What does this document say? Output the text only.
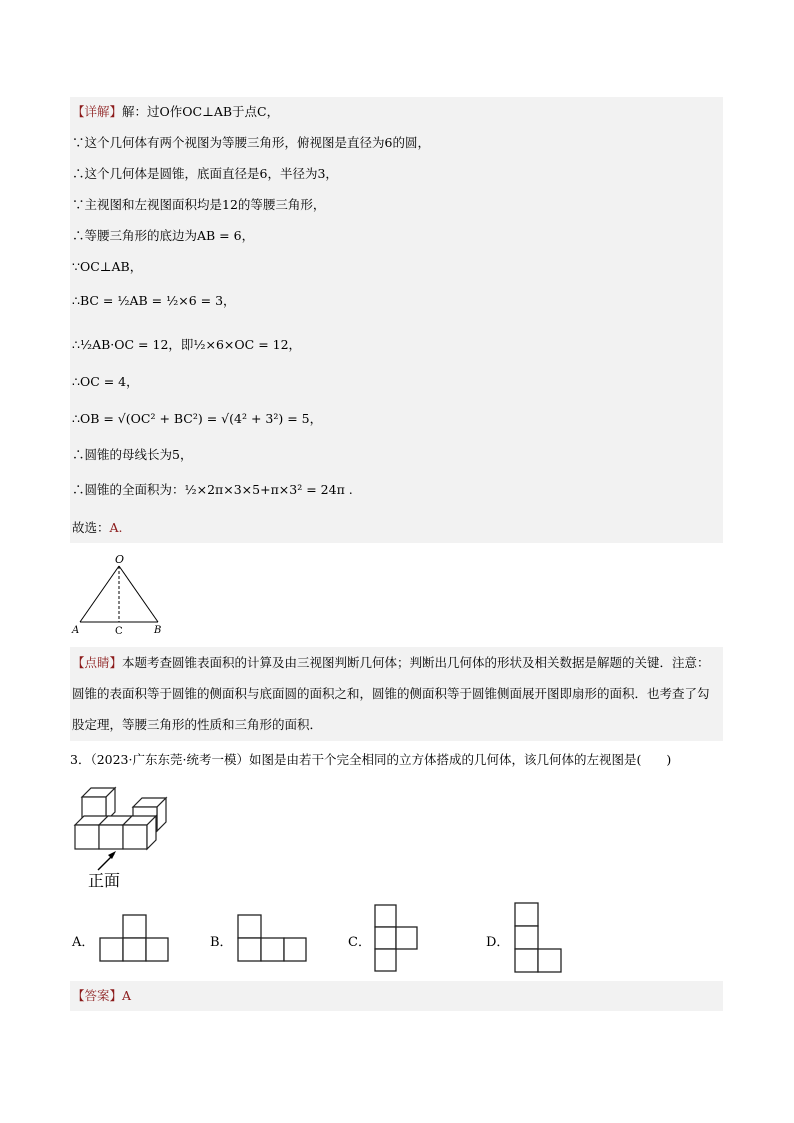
【详解】解：过O作OC⊥AB于点C，
∵这个几何体有两个视图为等腰三角形，俯视图是直径为6的圆，
∴这个几何体是圆锥，底面直径是6，半径为3，
∵主视图和左视图面积均是12的等腰三角形，
∴等腰三角形的底边为AB = 6，
∵OC⊥AB，
∴BC = ½AB = ½×6 = 3，
∴½AB·OC = 12，即½×6×OC = 12，
∴OC = 4，
∴OB = √(OC² + BC²) = √(4² + 3²) = 5，
∴圆锥的母线长为5，
∴圆锥的全面积为：½×2π×3×5+π×3² = 24π .
故选：A.
O
A	C	B
【点睛】本题考查圆锥表面积的计算及由三视图判断几何体；判断出几何体的形状及相关数据是解题的关键．注意：圆锥的表面积等于圆锥的侧面积与底面圆的面积之和，圆锥的侧面积等于圆锥侧面展开图即扇形的面积．也考查了勾股定理，等腰三角形的性质和三角形的面积．
3．（2023·广东东莞·统考一模）如图是由若干个完全相同的立方体搭成的几何体，该几何体的左视图是(　　)
正面
A．	B．	C．	D．
【答案】A
